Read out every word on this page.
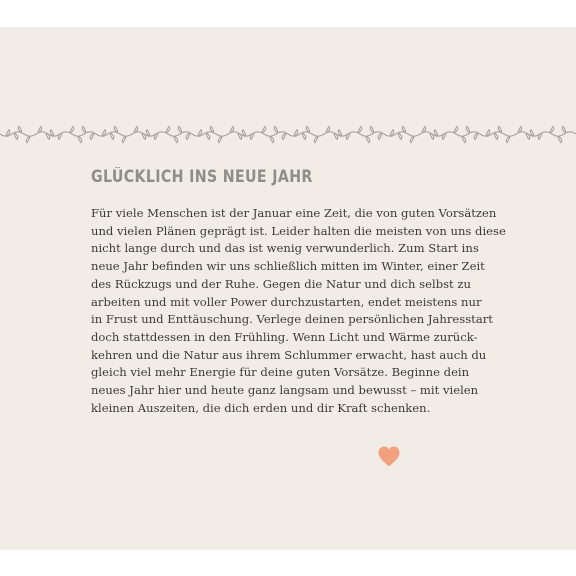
GLÜCKLICH INS NEUE JAHR

Für viele Menschen ist der Januar eine Zeit, die von guten Vorsätzen
und vielen Plänen geprägt ist. Leider halten die meisten von uns diese
nicht lange durch und das ist wenig verwunderlich. Zum Start ins
neue Jahr befinden wir uns schließlich mitten im Winter, einer Zeit
des Rückzugs und der Ruhe. Gegen die Natur und dich selbst zu
arbeiten und mit voller Power durchzustarten, endet meistens nur
in Frust und Enttäuschung. Verlege deinen persönlichen Jahresstart
doch stattdessen in den Frühling. Wenn Licht und Wärme zurück-
kehren und die Natur aus ihrem Schlummer erwacht, hast auch du
gleich viel mehr Energie für deine guten Vorsätze. Beginne dein
neues Jahr hier und heute ganz langsam und bewusst – mit vielen
kleinen Auszeiten, die dich erden und dir Kraft schenken.
